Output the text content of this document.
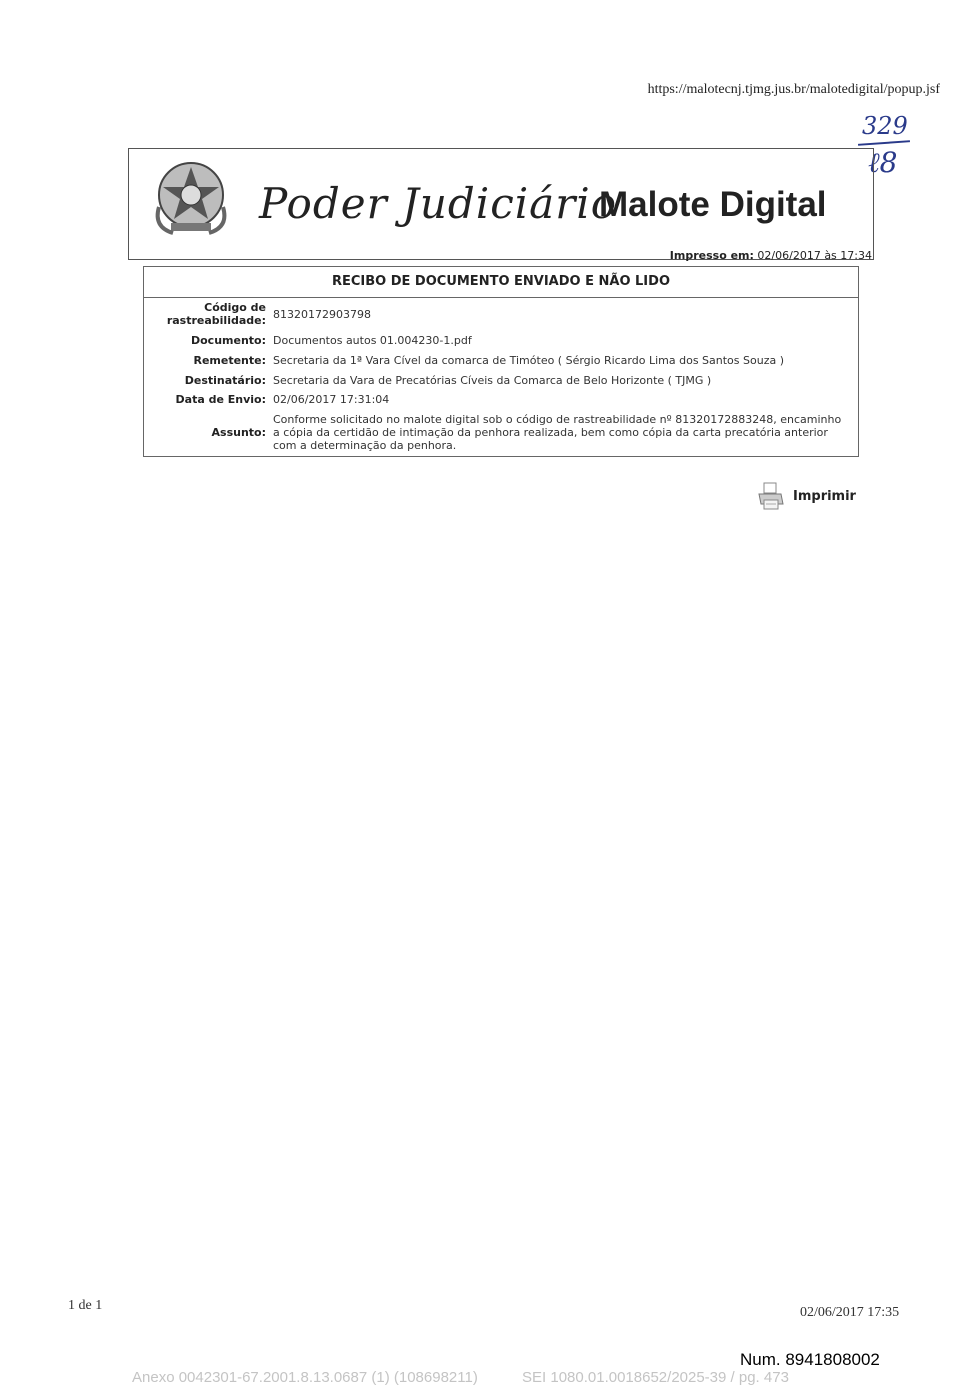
https://malotecnj.tjmg.jus.br/malotedigital/popup.jsf
329
ℓ8
Poder Judiciário
Malote Digital
Impresso em: 02/06/2017 às 17:34
RECIBO DE DOCUMENTO ENVIADO E NÃO LIDO
Código de
rastreabilidade: 81320172903798
Documento: Documentos autos 01.004230-1.pdf
Remetente: Secretaria da 1ª Vara Cível da comarca de Timóteo ( Sérgio Ricardo Lima dos Santos Souza )
Destinatário: Secretaria da Vara de Precatórias Cíveis da Comarca de Belo Horizonte ( TJMG )
Data de Envio: 02/06/2017 17:31:04
Assunto:
Conforme solicitado no malote digital sob o código de rastreabilidade nº 81320172883248, encaminho a cópia da certidão de intimação da penhora realizada, bem como cópia da carta precatória anterior com a determinação da penhora.
Imprimir
1 de 1	02/06/2017 17:35
Num. 8941808002
Anexo 0042301-67.2001.8.13.0687 (1) (108698211)	SEI 1080.01.0018652/2025-39 / pg. 473
